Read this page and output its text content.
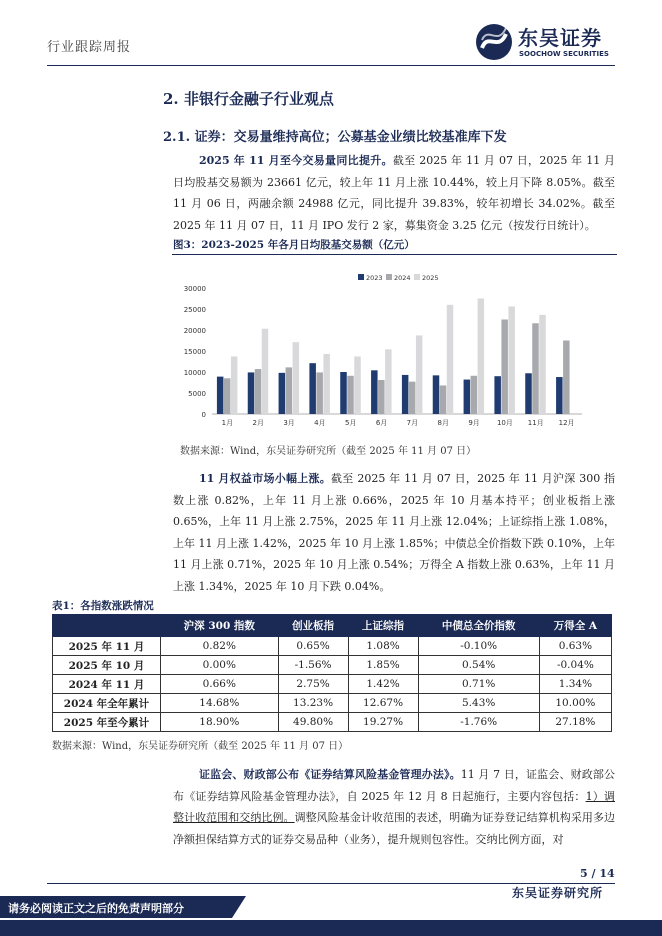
行业跟踪周报	东吴证券
SOOCHOW SECURITIES
2. 非银行金融子行业观点
2.1. 证券：交易量维持高位；公募基金业绩比较基准库下发
2025 年 11 月至今交易量同比提升。截至 2025 年 11 月 07 日，2025 年 11 月日均股基交易额为 23661 亿元，较上年 11 月上涨 10.44%，较上月下降 8.05%。截至 11 月 06 日，两融余额 24988 亿元，同比提升 39.83%，较年初增长 34.02%。截至 2025 年 11 月 07 日，11 月 IPO 发行 2 家，募集资金 3.25 亿元（按发行日统计）。
图3：2023-2025 年各月日均股基交易额（亿元）
0
5000
10000
15000
20000
25000
30000
1月	2月	3月	4月	5月	6月	7月	8月	9月 10月 11月 12月
2023 2024 2025
数据来源：Wind，东吴证券研究所（截至 2025 年 11 月 07 日）
11 月权益市场小幅上涨。截至 2025 年 11 月 07 日，2025 年 11 月沪深 300 指数上涨 0.82%，上年 11 月上涨 0.66%，2025 年 10 月基本持平；创业板指上涨 0.65%，上年 11 月上涨 2.75%，2025 年 11 月上涨 12.04%；上证综指上涨 1.08%，上年 11 月上涨 1.42%，2025 年 10 月上涨 1.85%；中债总全价指数下跌 0.10%，上年 11 月上涨 0.71%，2025 年 10 月上涨 0.54%；万得全 A 指数上涨 0.63%，上年 11 月上涨 1.34%，2025 年 10 月下跌 0.04%。
表1：各指数涨跌情况
	沪深 300 指数	创业板指	上证综指	中债总全价指数	万得全 A
2025 年 11 月	0.82%	0.65%	1.08%	-0.10%	0.63%
2025 年 10 月	0.00%	-1.56%	1.85%	0.54%	-0.04%
2024 年 11 月	0.66%	2.75%	1.42%	0.71%	1.34%
2024 年全年累计	14.68%	13.23%	12.67%	5.43%	10.00%
2025 年至今累计	18.90%	49.80%	19.27%	-1.76%	27.18%
数据来源：Wind，东吴证券研究所（截至 2025 年 11 月 07 日）
证监会、财政部公布《证券结算风险基金管理办法》。11 月 7 日，证监会、财政部公布《证券结算风险基金管理办法》，自 2025 年 12 月 8 日起施行，主要内容包括：1）调整计收范围和交纳比例。调整风险基金计收范围的表述，明确为证券登记结算机构采用多边净额担保结算方式的证券交易品种（业务），提升规则包容性。交纳比例方面，对
5 / 14
请务必阅读正文之后的免责声明部分
东吴证券研究所
